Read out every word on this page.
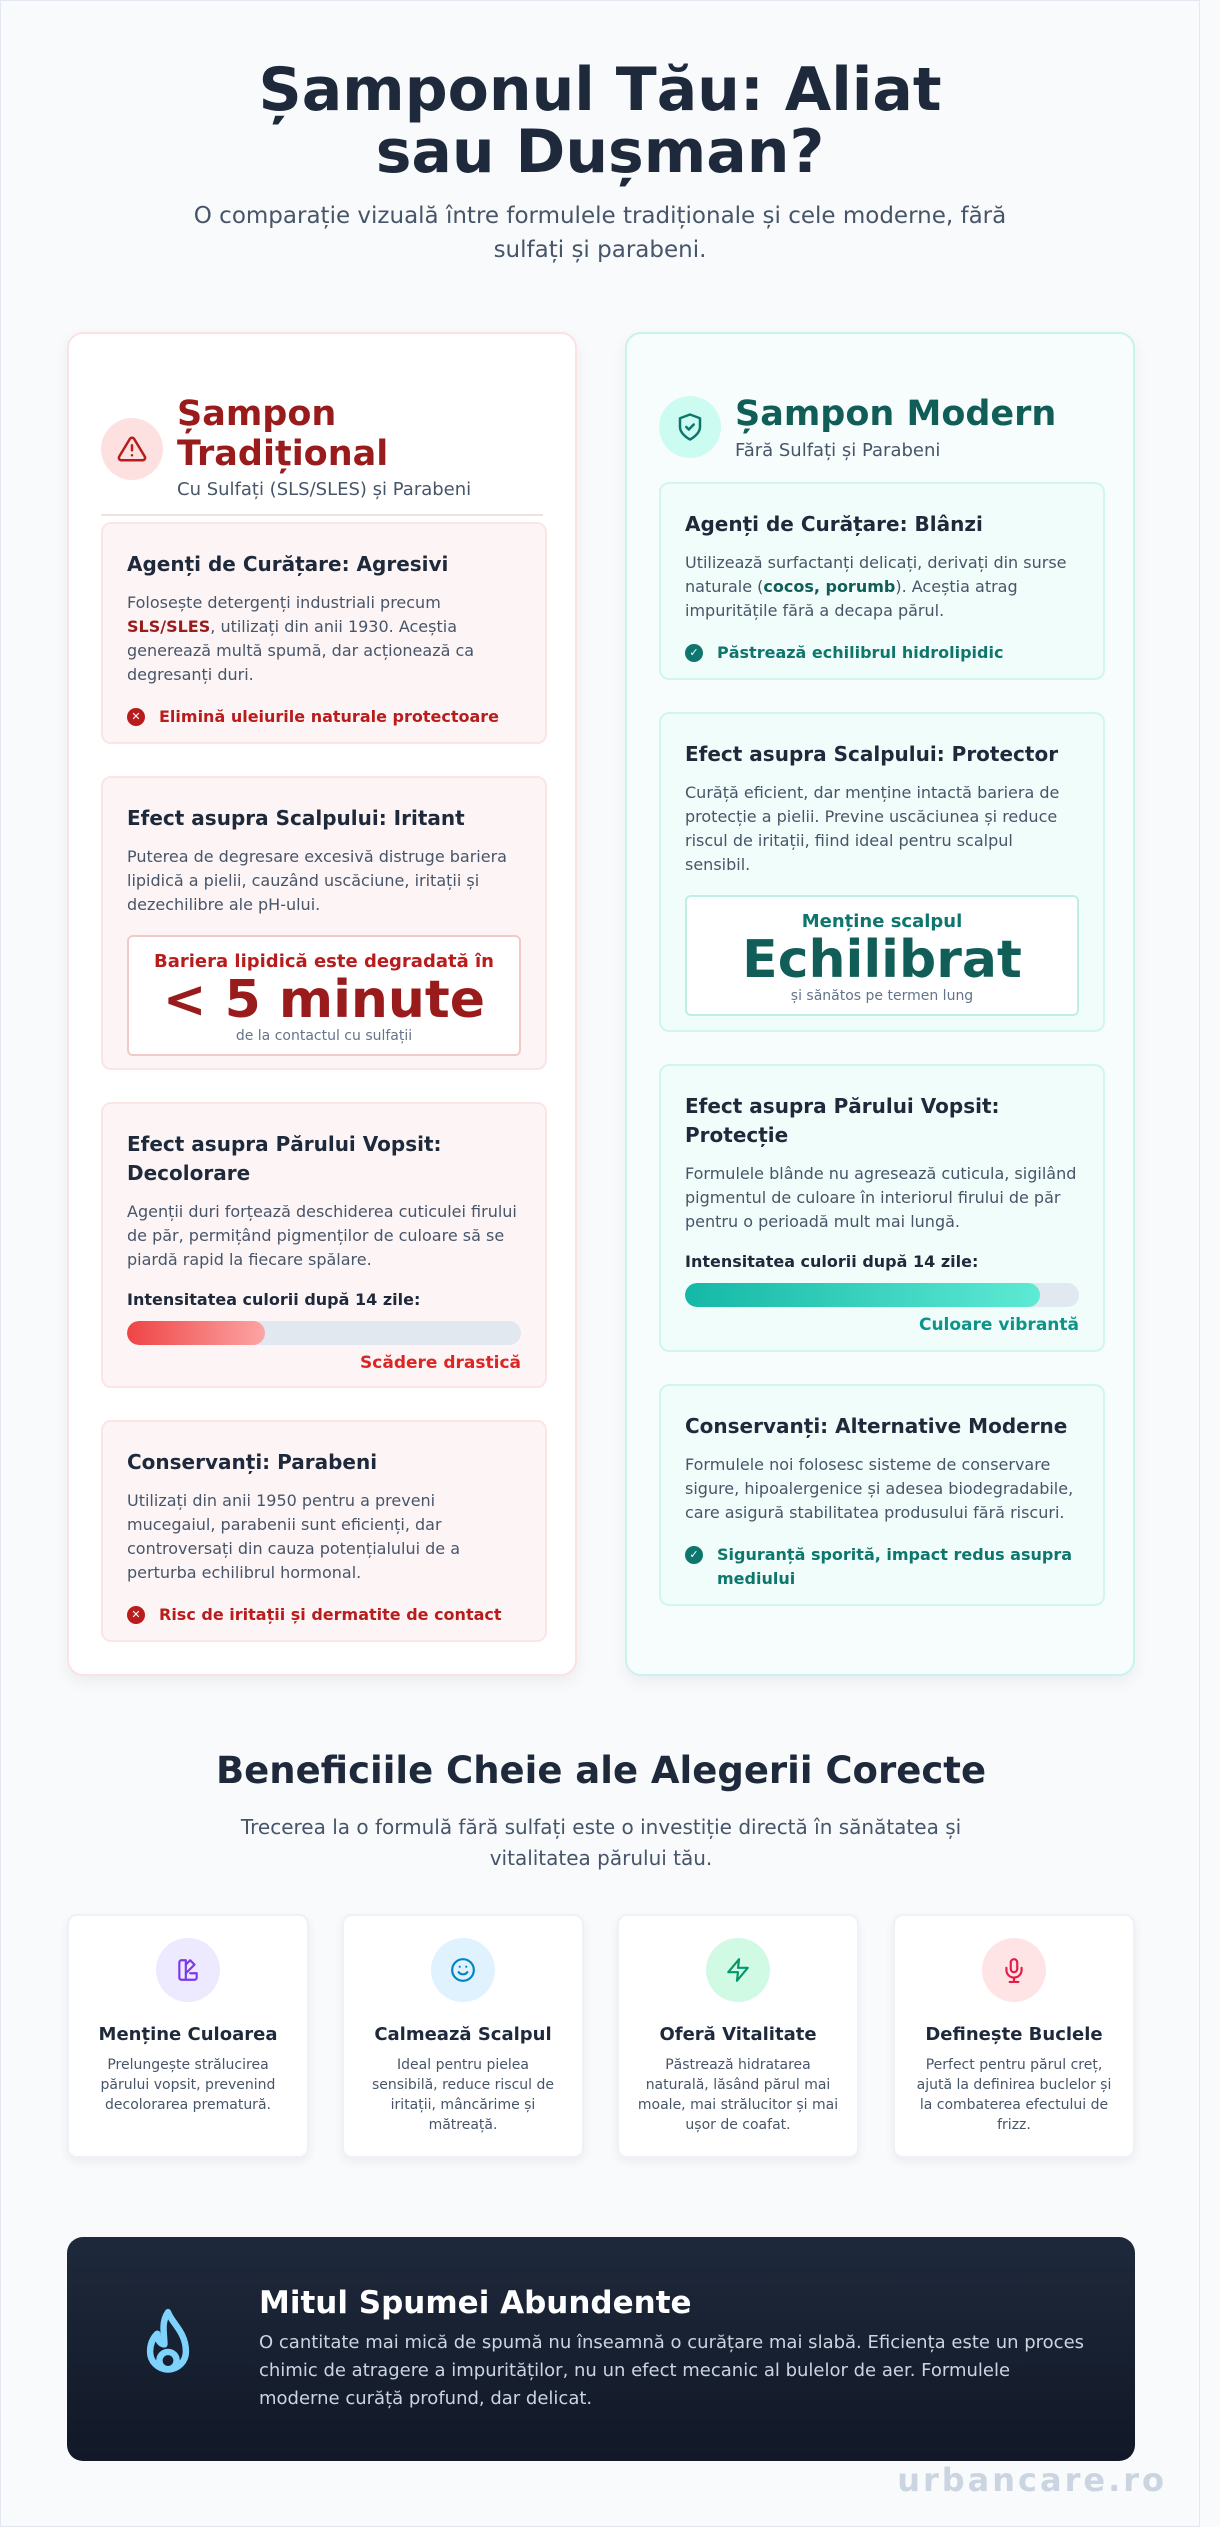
Șamponul Tău: Aliat sau Dușman?

O comparație vizuală între formulele tradiționale și cele moderne, fără sulfați și parabeni.

Șampon Tradițional
Cu Sulfați (SLS/SLES) și Parabeni
Agenți de Curățare: Agresivi

Folosește detergenți industriali precum SLS/SLES, utilizați din anii 1930. Aceștia generează multă spumă, dar acționează ca degresanți duri.

✕ Elimină uleiurile naturale protectoare
Efect asupra Scalpului: Iritant

Puterea de degresare excesivă distruge bariera lipidică a pielii, cauzând uscăciune, iritații și dezechilibre ale pH-ului.

Bariera lipidică este degradată în
< 5 minute
de la contactul cu sulfații
Efect asupra Părului Vopsit: Decolorare

Agenții duri forțează deschiderea cuticulei firului de păr, permițând pigmenților de culoare să se piardă rapid la fiecare spălare.

Intensitatea culorii după 14 zile:
Scădere drastică
Conservanți: Parabeni

Utilizați din anii 1950 pentru a preveni mucegaiul, parabenii sunt eficienți, dar controversați din cauza potențialului de a perturba echilibrul hormonal.

✕ Risc de iritații și dermatite de contact
Șampon Modern
Fără Sulfați și Parabeni
Agenți de Curățare: Blânzi

Utilizează surfactanți delicați, derivați din surse naturale (cocos, porumb). Aceștia atrag impuritățile fără a decapa părul.

✓ Păstrează echilibrul hidrolipidic
Efect asupra Scalpului: Protector

Curăță eficient, dar menține intactă bariera de protecție a pielii. Previne uscăciunea și reduce riscul de iritații, fiind ideal pentru scalpul sensibil.

Menține scalpul
Echilibrat
și sănătos pe termen lung
Efect asupra Părului Vopsit: Protecție

Formulele blânde nu agresează cuticula, sigilând pigmentul de culoare în interiorul firului de păr pentru o perioadă mult mai lungă.

Intensitatea culorii după 14 zile:
Culoare vibrantă
Conservanți: Alternative Moderne

Formulele noi folosesc sisteme de conservare sigure, hipoalergenice și adesea biodegradabile, care asigură stabilitatea produsului fără riscuri.

✓ Siguranță sporită, impact redus asupra mediului
Beneficiile Cheie ale Alegerii Corecte

Trecerea la o formulă fără sulfați este o investiție directă în sănătatea și vitalitatea părului tău.

Menține Culoarea

Prelungește strălucirea părului vopsit, prevenind decolorarea prematură.

Calmează Scalpul

Ideal pentru pielea sensibilă, reduce riscul de iritații, mâncărime și mătreață.

Oferă Vitalitate

Păstrează hidratarea naturală, lăsând părul mai moale, mai strălucitor și mai ușor de coafat.

Definește Buclele

Perfect pentru părul creț, ajută la definirea buclelor și la combaterea efectului de frizz.

Mitul Spumei Abundente

O cantitate mai mică de spumă nu înseamnă o curățare mai slabă. Eficiența este un proces chimic de atragere a impurităților, nu un efect mecanic al bulelor de aer. Formulele moderne curăță profund, dar delicat.

urbancare.ro
